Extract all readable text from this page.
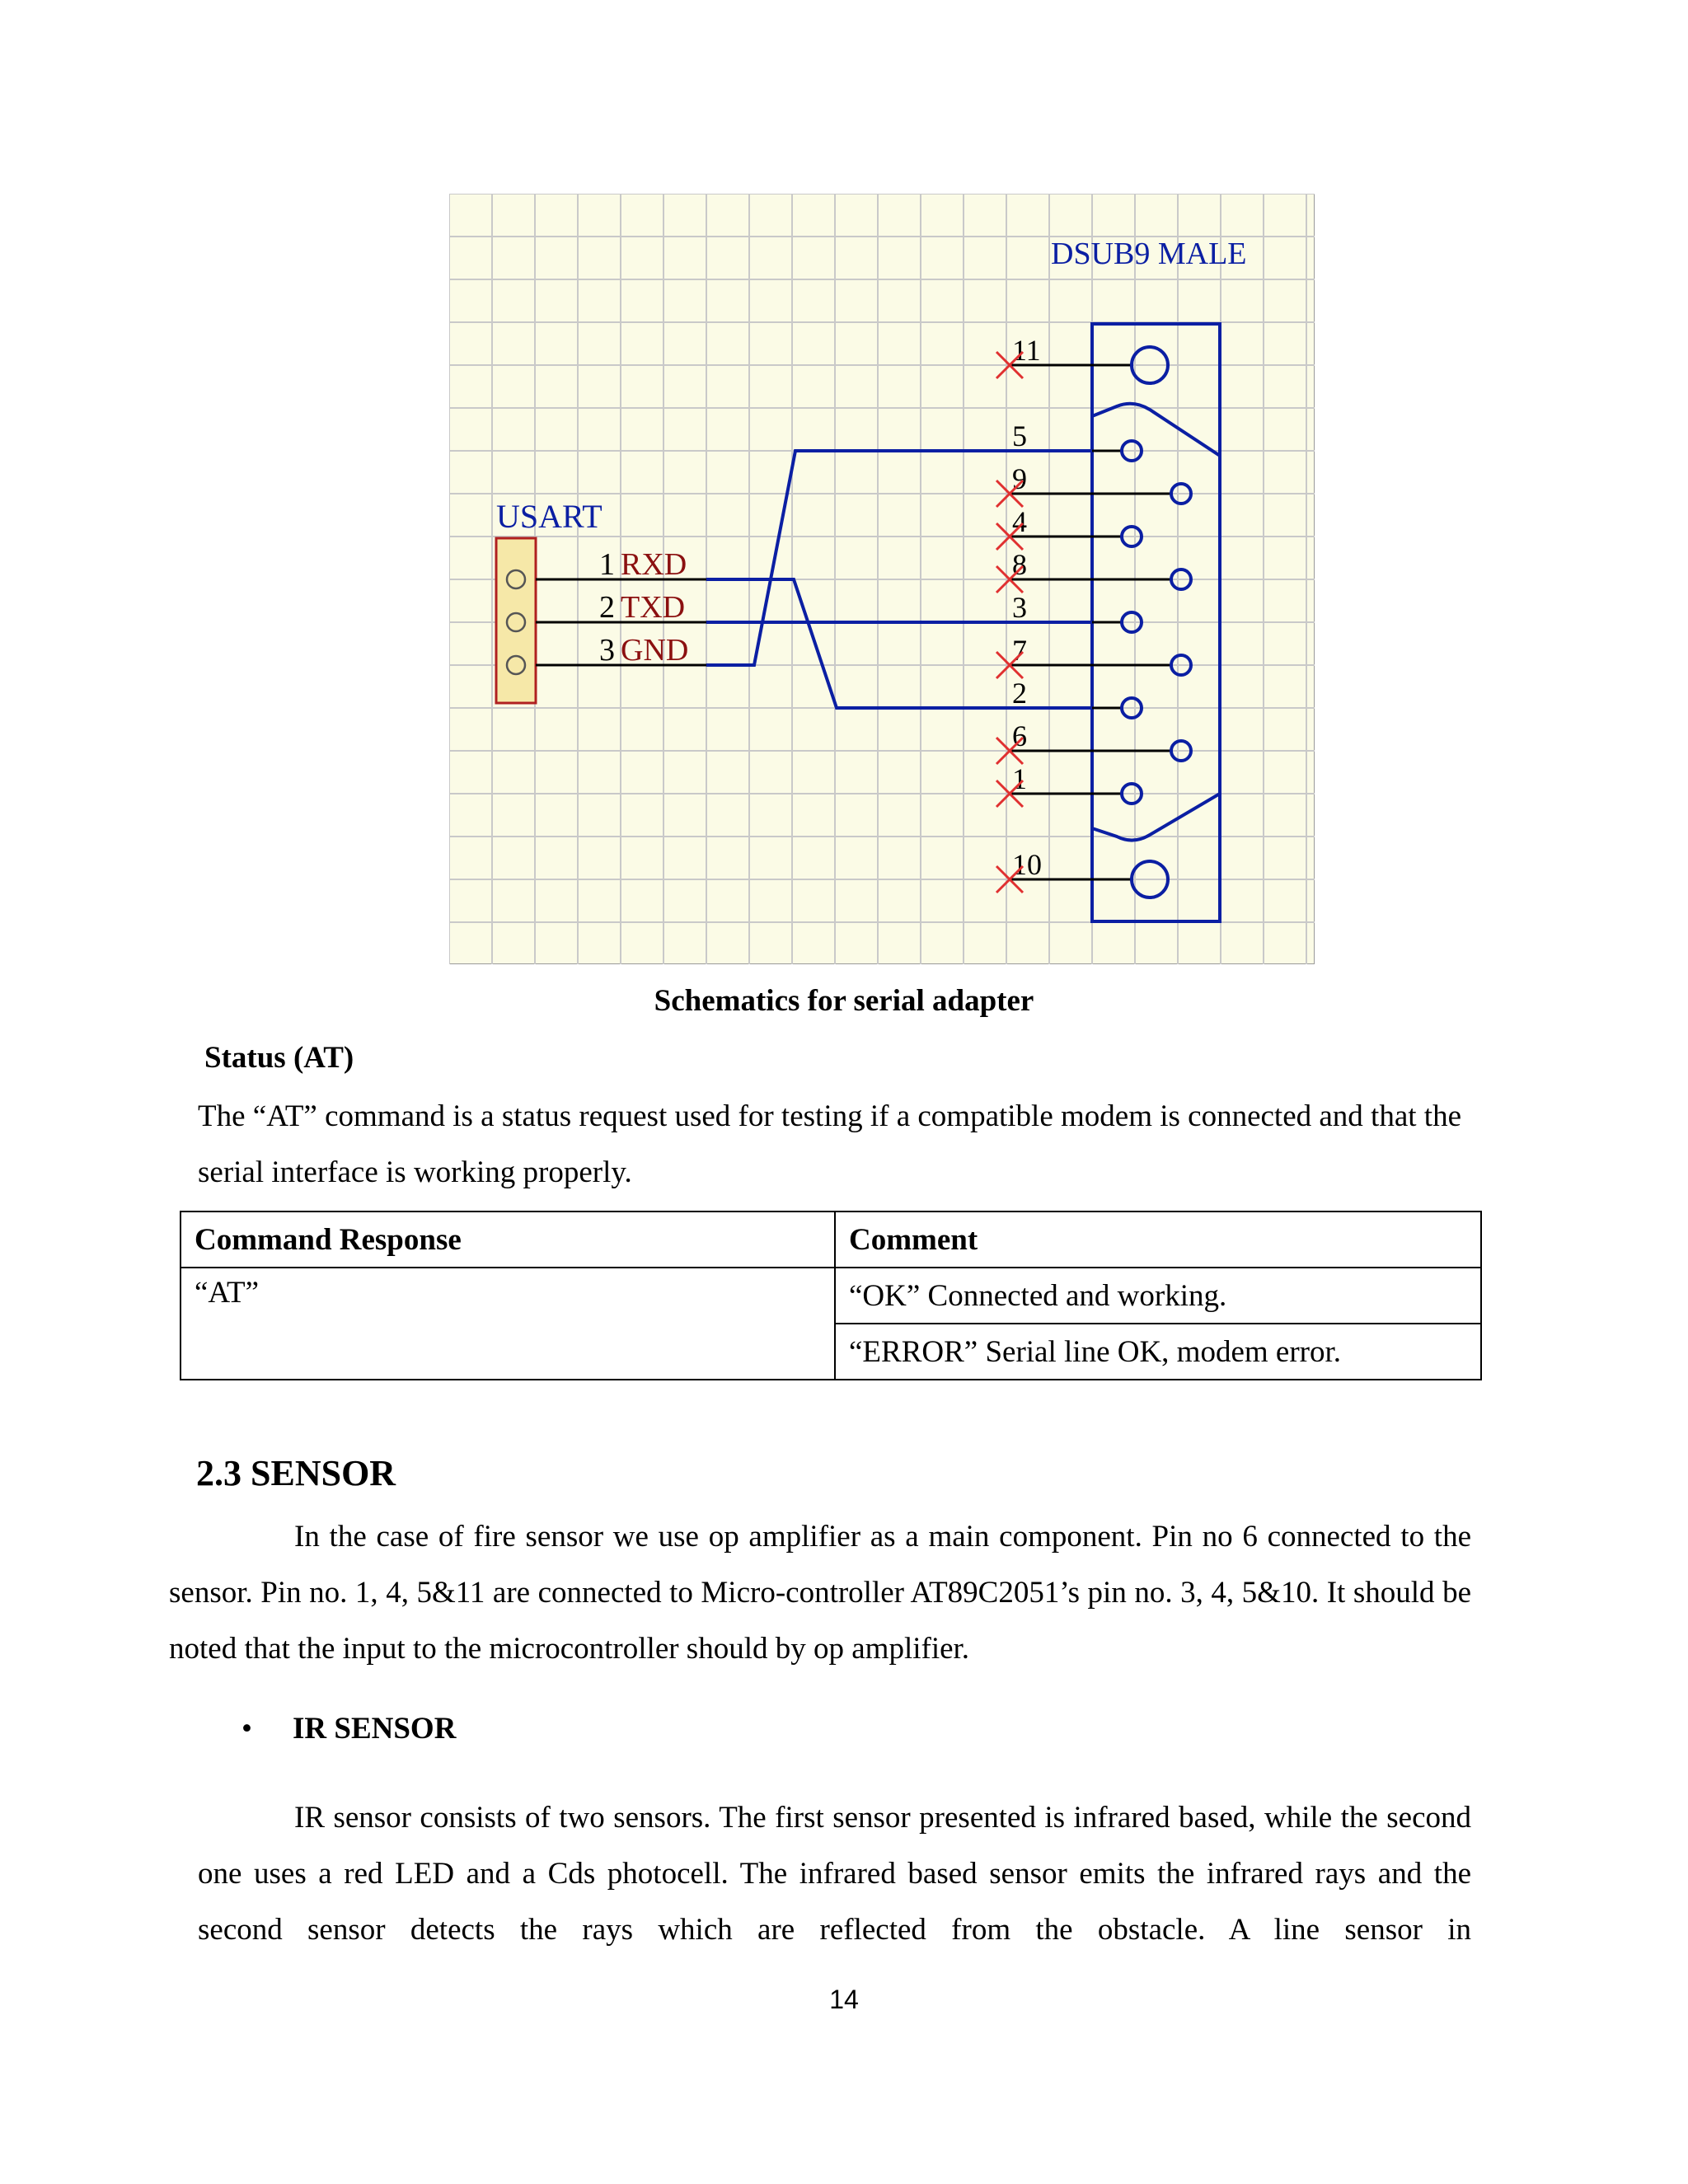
DSUB9 MALE
11
5
9
4
8
3
7
2
6
1
10
USART
1 RXD
2 TXD
3 GND
Schematics for serial adapter
Status (AT)
The “AT” command is a status request used for testing if a compatible modem is connected and that the serial interface is working properly.
Command Response	Comment
“AT”	“OK” Connected and working.
	“ERROR” Serial line OK, modem error.
2.3 SENSOR
In the case of fire sensor we use op amplifier as a main component. Pin no 6 connected to the sensor. Pin no. 1, 4, 5&11 are connected to Micro-controller AT89C2051’s pin no. 3, 4, 5&10. It should be noted that the input to the microcontroller should by op amplifier.
• IR SENSOR
IR sensor consists of two sensors. The first sensor presented is infrared based, while the second one uses a red LED and a Cds photocell. The infrared based sensor emits the infrared rays and the second sensor detects the rays which are reflected from the obstacle. A line sensor in
14
